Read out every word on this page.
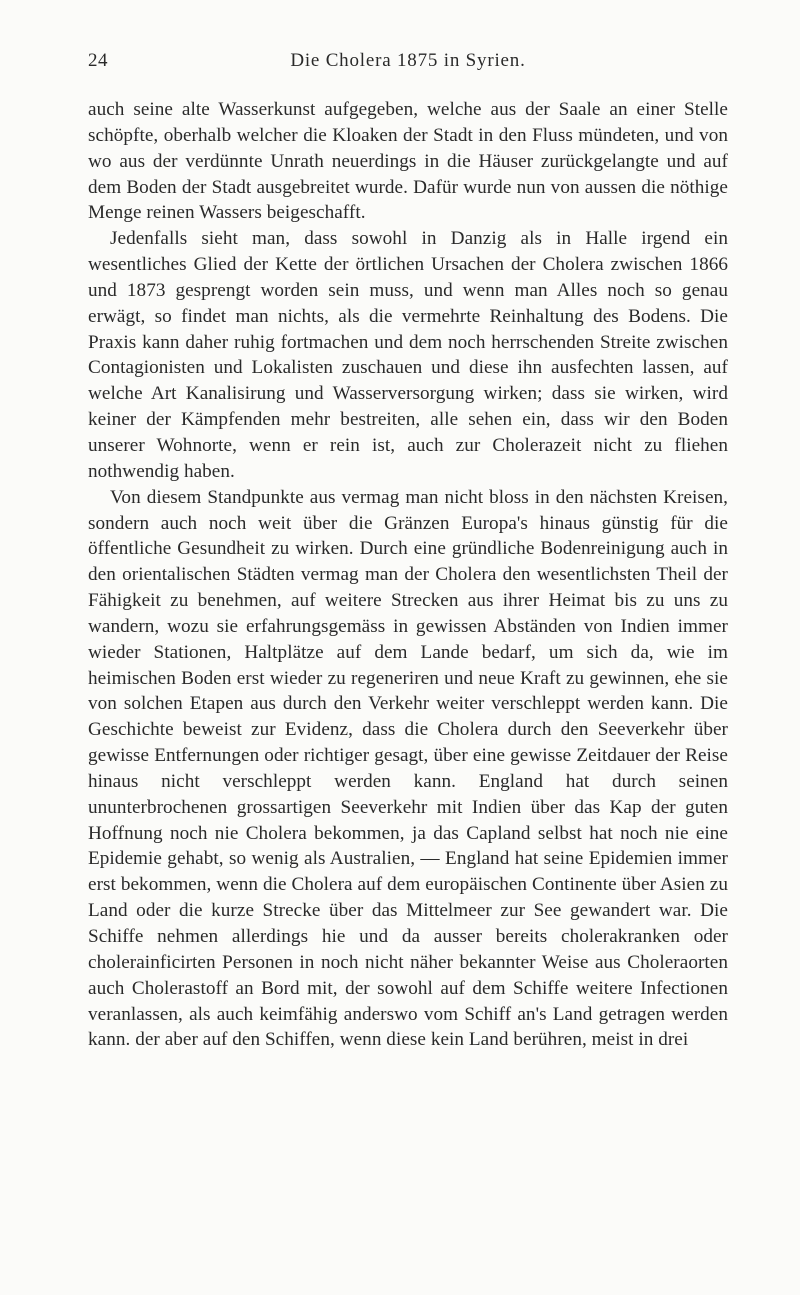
24	Die Cholera 1875 in Syrien.

auch seine alte Wasserkunst aufgegeben, welche aus der Saale an einer Stelle schöpfte, oberhalb welcher die Kloaken der Stadt in den Fluss mündeten, und von wo aus der verdünnte Unrath neuerdings in die Häuser zurückgelangte und auf dem Boden der Stadt ausgebreitet wurde. Dafür wurde nun von aussen die nöthige Menge reinen Wassers beigeschafft.

Jedenfalls sieht man, dass sowohl in Danzig als in Halle irgend ein wesentliches Glied der Kette der örtlichen Ursachen der Cholera zwischen 1866 und 1873 gesprengt worden sein muss, und wenn man Alles noch so genau erwägt, so findet man nichts, als die vermehrte Reinhaltung des Bodens. Die Praxis kann daher ruhig fortmachen und dem noch herrschenden Streite zwischen Contagionisten und Lokalisten zuschauen und diese ihn ausfechten lassen, auf welche Art Kanalisirung und Wasserversorgung wirken; dass sie wirken, wird keiner der Kämpfenden mehr bestreiten, alle sehen ein, dass wir den Boden unserer Wohnorte, wenn er rein ist, auch zur Cholerazeit nicht zu fliehen nothwendig haben.

Von diesem Standpunkte aus vermag man nicht bloss in den nächsten Kreisen, sondern auch noch weit über die Gränzen Europa's hinaus günstig für die öffentliche Gesundheit zu wirken. Durch eine gründliche Bodenreinigung auch in den orientalischen Städten vermag man der Cholera den wesentlichsten Theil der Fähigkeit zu benehmen, auf weitere Strecken aus ihrer Heimat bis zu uns zu wandern, wozu sie erfahrungsgemäss in gewissen Abständen von Indien immer wieder Stationen, Haltplätze auf dem Lande bedarf, um sich da, wie im heimischen Boden erst wieder zu regeneriren und neue Kraft zu gewinnen, ehe sie von solchen Etapen aus durch den Verkehr weiter verschleppt werden kann. Die Geschichte beweist zur Evidenz, dass die Cholera durch den Seeverkehr über gewisse Entfernungen oder richtiger gesagt, über eine gewisse Zeitdauer der Reise hinaus nicht verschleppt werden kann. England hat durch seinen ununterbrochenen grossartigen Seeverkehr mit Indien über das Kap der guten Hoffnung noch nie Cholera bekommen, ja das Capland selbst hat noch nie eine Epidemie gehabt, so wenig als Australien, — England hat seine Epidemien immer erst bekommen, wenn die Cholera auf dem europäischen Continente über Asien zu Land oder die kurze Strecke über das Mittelmeer zur See gewandert war. Die Schiffe nehmen allerdings hie und da ausser bereits cholerakranken oder cholerainficirten Personen in noch nicht näher bekannter Weise aus Choleraorten auch Cholerastoff an Bord mit, der sowohl auf dem Schiffe weitere Infectionen veranlassen, als auch keimfähig anderswo vom Schiff an's Land getragen werden kann. der aber auf den Schiffen, wenn diese kein Land berühren, meist in drei
